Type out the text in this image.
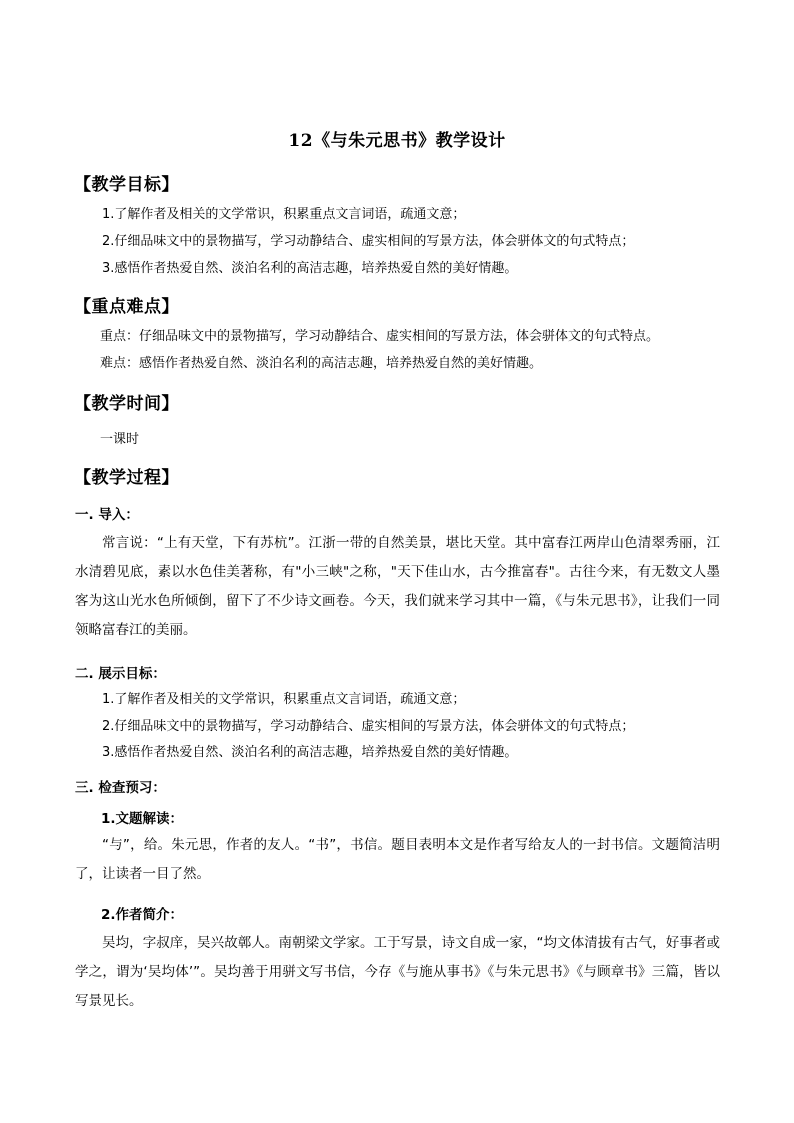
12《与朱元思书》教学设计
【教学目标】
1.了解作者及相关的文学常识，积累重点文言词语，疏通文意；
2.仔细品味文中的景物描写，学习动静结合、虚实相间的写景方法，体会骈体文的句式特点；
3.感悟作者热爱自然、淡泊名利的高洁志趣，培养热爱自然的美好情趣。
【重点难点】
重点：仔细品味文中的景物描写，学习动静结合、虚实相间的写景方法，体会骈体文的句式特点。
难点：感悟作者热爱自然、淡泊名利的高洁志趣，培养热爱自然的美好情趣。
【教学时间】
一课时
【教学过程】
一. 导入：
常言说：“上有天堂，下有苏杭”。江浙一带的自然美景，堪比天堂。其中富春江两岸山色清翠秀丽，江水清碧见底，素以水色佳美著称，有"小三峡"之称，"天下佳山水，古今推富春"。古往今来，有无数文人墨客为这山光水色所倾倒，留下了不少诗文画卷。今天，我们就来学习其中一篇，《与朱元思书》，让我们一同领略富春江的美丽。
二. 展示目标：
1.了解作者及相关的文学常识，积累重点文言词语，疏通文意；
2.仔细品味文中的景物描写，学习动静结合、虚实相间的写景方法，体会骈体文的句式特点；
3.感悟作者热爱自然、淡泊名利的高洁志趣，培养热爱自然的美好情趣。
三. 检查预习：
1.文题解读：
“与”，给。朱元思，作者的友人。“书”，书信。题目表明本文是作者写给友人的一封书信。文题简洁明了，让读者一目了然。
2.作者简介：
吴均，字叔庠，吴兴故鄣人。南朝梁文学家。工于写景，诗文自成一家，“均文体清拔有古气，好事者或学之，谓为‘吴均体’”。吴均善于用骈文写书信，今存《与施从事书》《与朱元思书》《与顾章书》三篇，皆以写景见长。
